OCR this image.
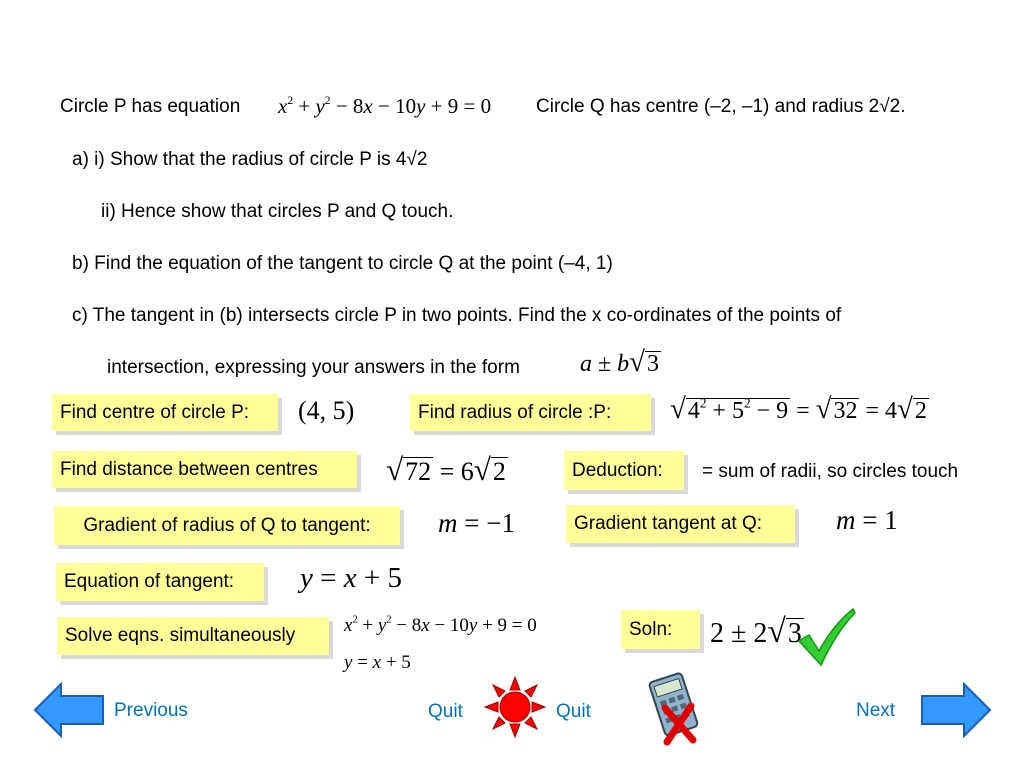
Circle P has equation $x^2 + y^2 - 8x - 10y + 9 = 0$ Circle Q has centre (–2, –1) and radius 2√2.
a) i) Show that the radius of circle P is 4√2
ii) Hence show that circles P and Q touch.
b) Find the equation of the tangent to circle Q at the point (–4, 1)
c) The tangent in (b) intersects circle P in two points. Find the x co-ordinates of the points of
intersection, expressing your answers in the form	a ± b√3
Find centre of circle P: (4, 5)	Find radius of circle :P: $√4^2 + 5^2 - 9 = √32 = 4√2$
Find distance between centres √72 = 6√2	Deduction: = sum of radii, so circles touch
Gradient of radius of Q to tangent: m = −1	Gradient tangent at Q:	m = 1
Equation of tangent: y = x + 5
Solve eqns. simultaneously	$x^2 + y^2 - 8x - 10y + 9 = 0$
y = x + 5
Soln: 2 ± 2√3
Previous	Quit	Quit	Next
